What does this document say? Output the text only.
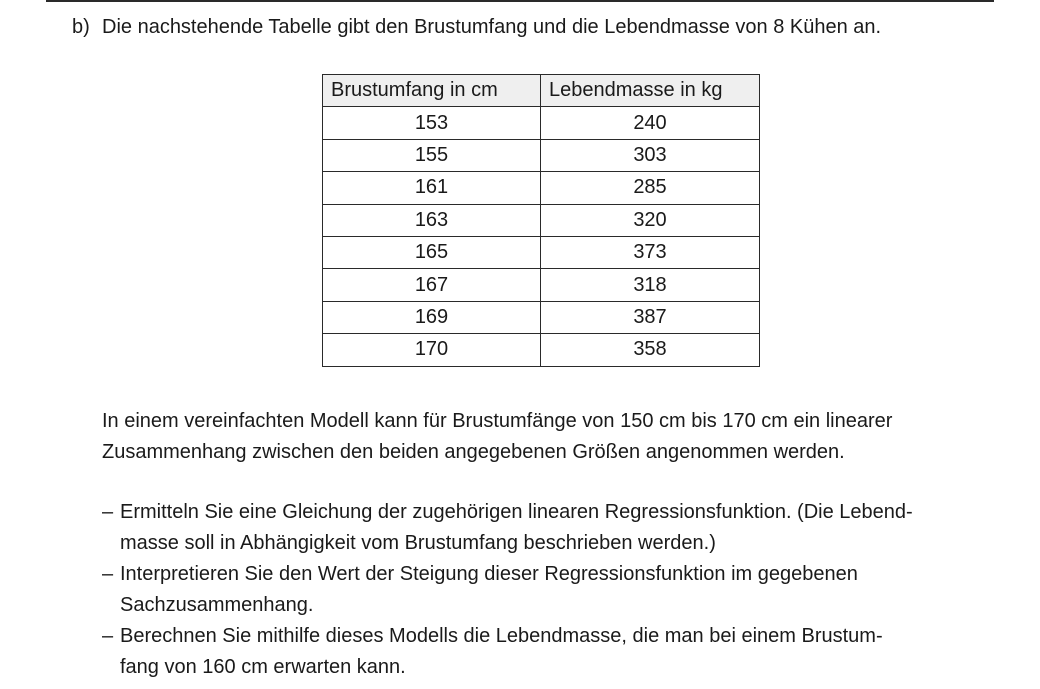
b) Die nachstehende Tabelle gibt den Brustumfang und die Lebendmasse von 8 Kühen an.
Brustumfang in cm	Lebendmasse in kg
153	240
155	303
161	285
163	320
165	373
167	318
169	387
170	358
In einem vereinfachten Modell kann für Brustumfänge von 150 cm bis 170 cm ein linearer
Zusammenhang zwischen den beiden angegebenen Größen angenommen werden.
– Ermitteln Sie eine Gleichung der zugehörigen linearen Regressionsfunktion. (Die Lebend-
masse soll in Abhängigkeit vom Brustumfang beschrieben werden.)
– Interpretieren Sie den Wert der Steigung dieser Regressionsfunktion im gegebenen
Sachzusammenhang.
– Berechnen Sie mithilfe dieses Modells die Lebendmasse, die man bei einem Brustum-
fang von 160 cm erwarten kann.
